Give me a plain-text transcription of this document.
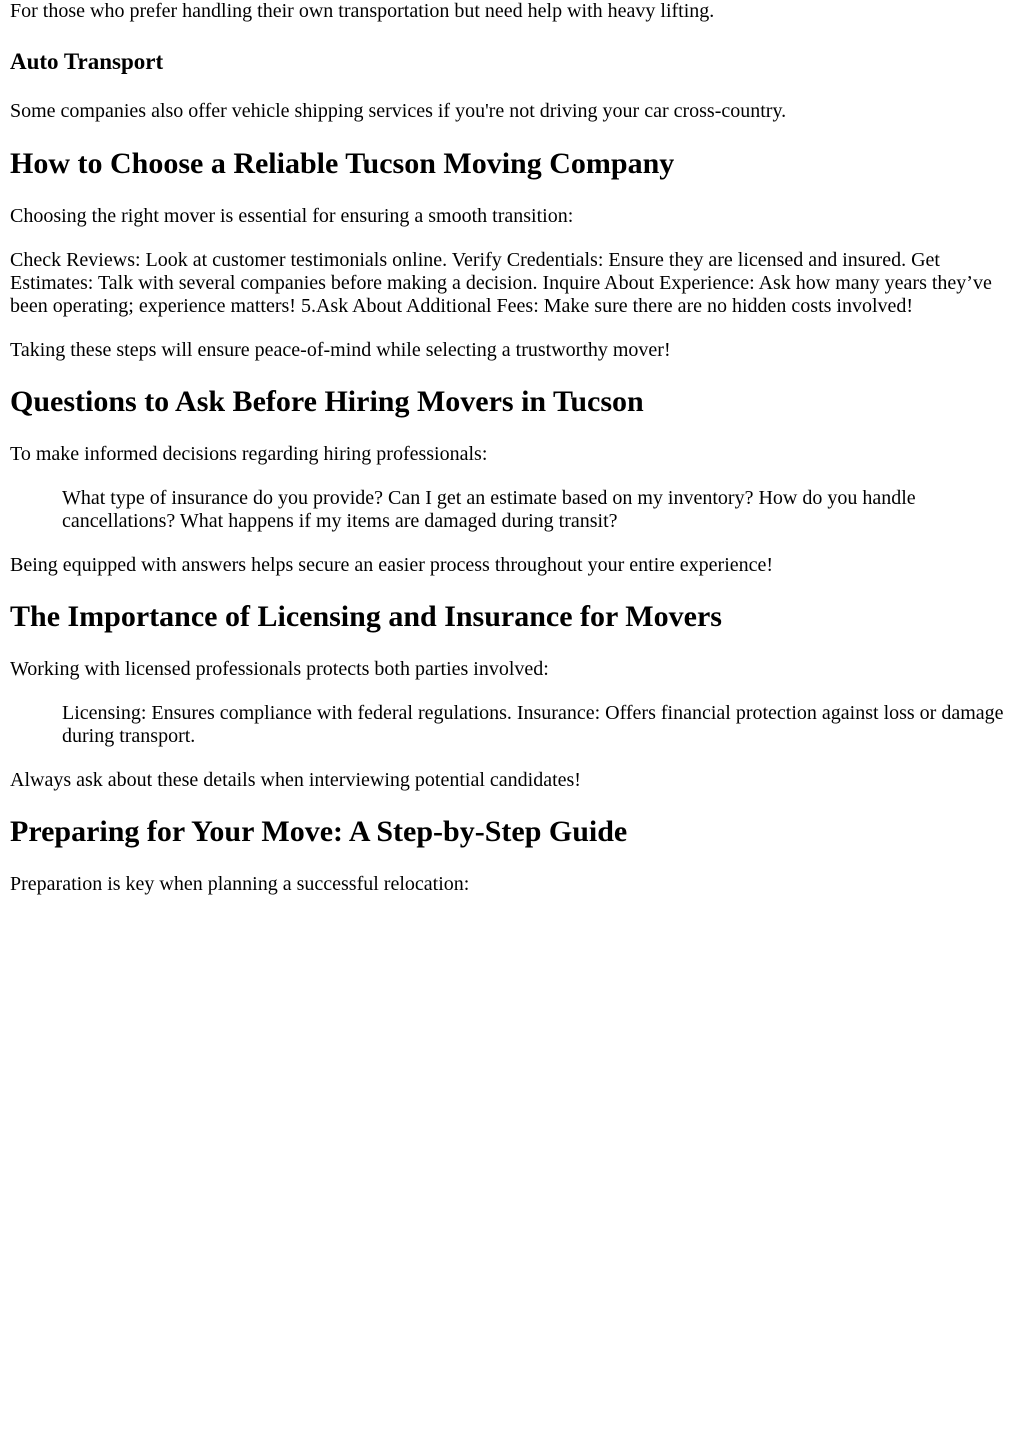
For those who prefer handling their own transportation but need help with heavy lifting.

Auto Transport

Some companies also offer vehicle shipping services if you're not driving your car cross-country.

How to Choose a Reliable Tucson Moving Company

Choosing the right mover is essential for ensuring a smooth transition:

Check Reviews: Look at customer testimonials online. Verify Credentials: Ensure they are licensed and insured. Get Estimates: Talk with several companies before making a decision. Inquire About Experience: Ask how many years they’ve been operating; experience matters! 5.Ask About Additional Fees: Make sure there are no hidden costs involved!

Taking these steps will ensure peace-of-mind while selecting a trustworthy mover!

Questions to Ask Before Hiring Movers in Tucson

To make informed decisions regarding hiring professionals:

What type of insurance do you provide? Can I get an estimate based on my inventory? How do you handle cancellations? What happens if my items are damaged during transit?

Being equipped with answers helps secure an easier process throughout your entire experience!

The Importance of Licensing and Insurance for Movers

Working with licensed professionals protects both parties involved:

Licensing: Ensures compliance with federal regulations. Insurance: Offers financial protection against loss or damage during transport.

Always ask about these details when interviewing potential candidates!

Preparing for Your Move: A Step-by-Step Guide

Preparation is key when planning a successful relocation:
